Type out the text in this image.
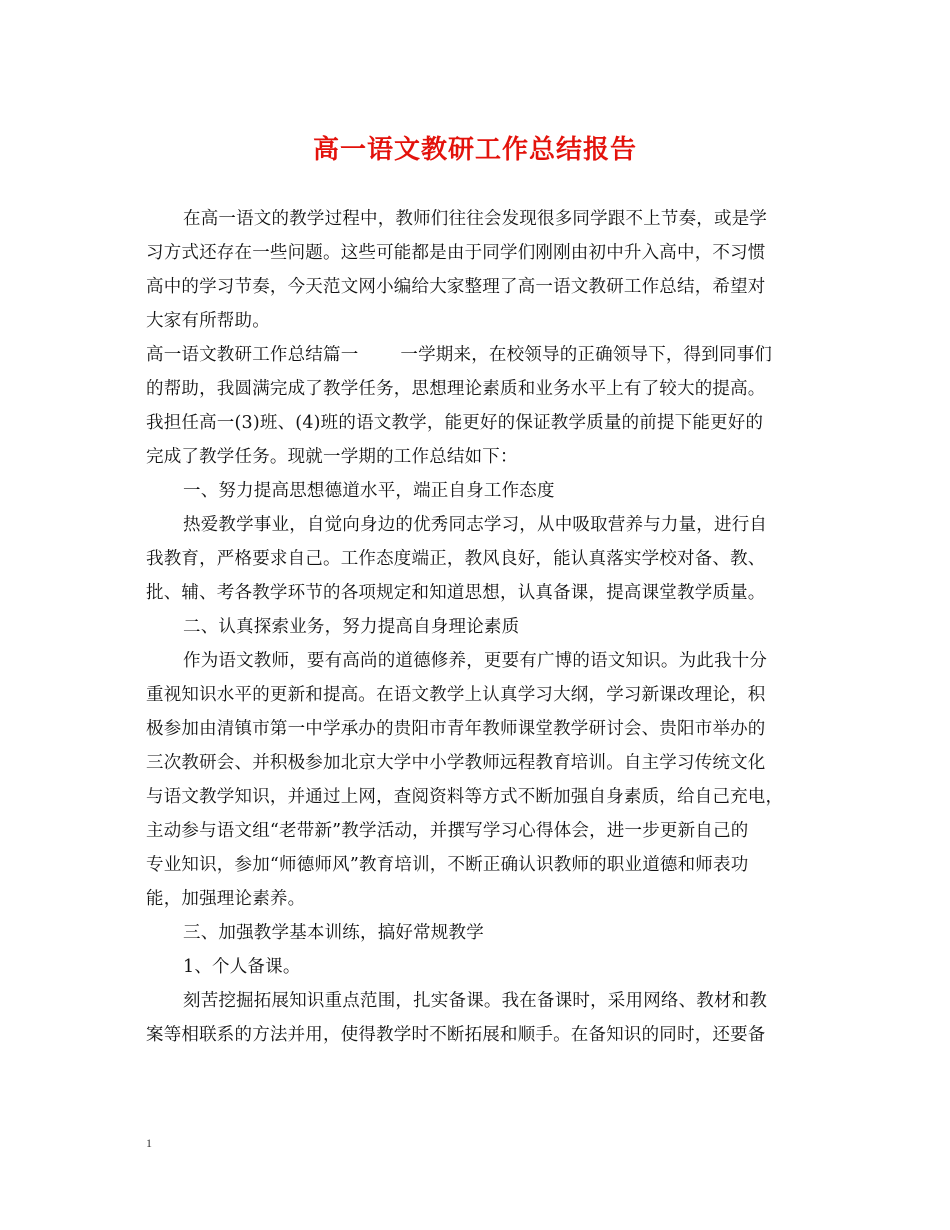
高一语文教研工作总结报告
在高一语文的教学过程中，教师们往往会发现很多同学跟不上节奏，或是学
习方式还存在一些问题。这些可能都是由于同学们刚刚由初中升入高中，不习惯
高中的学习节奏，今天范文网小编给大家整理了高一语文教研工作总结，希望对
大家有所帮助。
高一语文教研工作总结篇一 一学期来，在校领导的正确领导下，得到同事们
的帮助，我圆满完成了教学任务，思想理论素质和业务水平上有了较大的提高。
我担任高一(3)班、(4)班的语文教学，能更好的保证教学质量的前提下能更好的
完成了教学任务。现就一学期的工作总结如下：
一、努力提高思想德道水平，端正自身工作态度
热爱教学事业，自觉向身边的优秀同志学习，从中吸取营养与力量，进行自
我教育，严格要求自己。工作态度端正，教风良好，能认真落实学校对备、教、
批、辅、考各教学环节的各项规定和知道思想，认真备课，提高课堂教学质量。
二、认真探索业务，努力提高自身理论素质
作为语文教师，要有高尚的道德修养，更要有广博的语文知识。为此我十分
重视知识水平的更新和提高。在语文教学上认真学习大纲，学习新课改理论，积
极参加由清镇市第一中学承办的贵阳市青年教师课堂教学研讨会、贵阳市举办的
三次教研会、并积极参加北京大学中小学教师远程教育培训。自主学习传统文化
与语文教学知识，并通过上网，查阅资料等方式不断加强自身素质，给自己充电，
主动参与语文组“老带新”教学活动，并撰写学习心得体会，进一步更新自己的
专业知识，参加“师德师风”教育培训，不断正确认识教师的职业道德和师表功
能，加强理论素养。
三、加强教学基本训练，搞好常规教学
1、个人备课。
刻苦挖掘拓展知识重点范围，扎实备课。我在备课时，采用网络、教材和教
案等相联系的方法并用，使得教学时不断拓展和顺手。在备知识的同时，还要备
1
